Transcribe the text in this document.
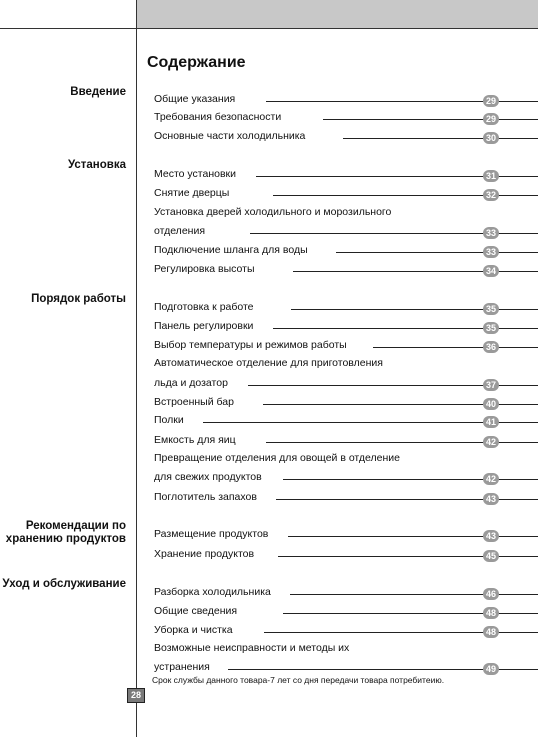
Содержание
Введение
Установка
Порядок работы
Рекомендации по хранению продуктов
Уход и обслуживание
Общие указания	29
Требования безопасности	29
Основные части холодильника	30
Место установки	31
Снятие дверцы	32
Установка дверей холодильного и морозильного
отделения	33
Подключение шланга для воды	33
Регулировка высоты	34
Подготовка к работе	35
Панель регулировки	35
Выбор температуры и режимов работы	36
Автоматическое отделение для приготовления
льда и дозатор	37
Встроенный бар	40
Полки	41
Емкость для яиц	42
Превращение отделения для овощей в отделение
для свежих продуктов	42
Поглотитель запахов	43
Размещение продуктов	43
Хранение продуктов	45
Разборка холодильника	46
Общие сведения	48
Уборка и чистка	48
Возможные неисправности и методы их
устранения	49
Срок службы данного товара-7 лет со дня передачи товара потребитеию.
28
